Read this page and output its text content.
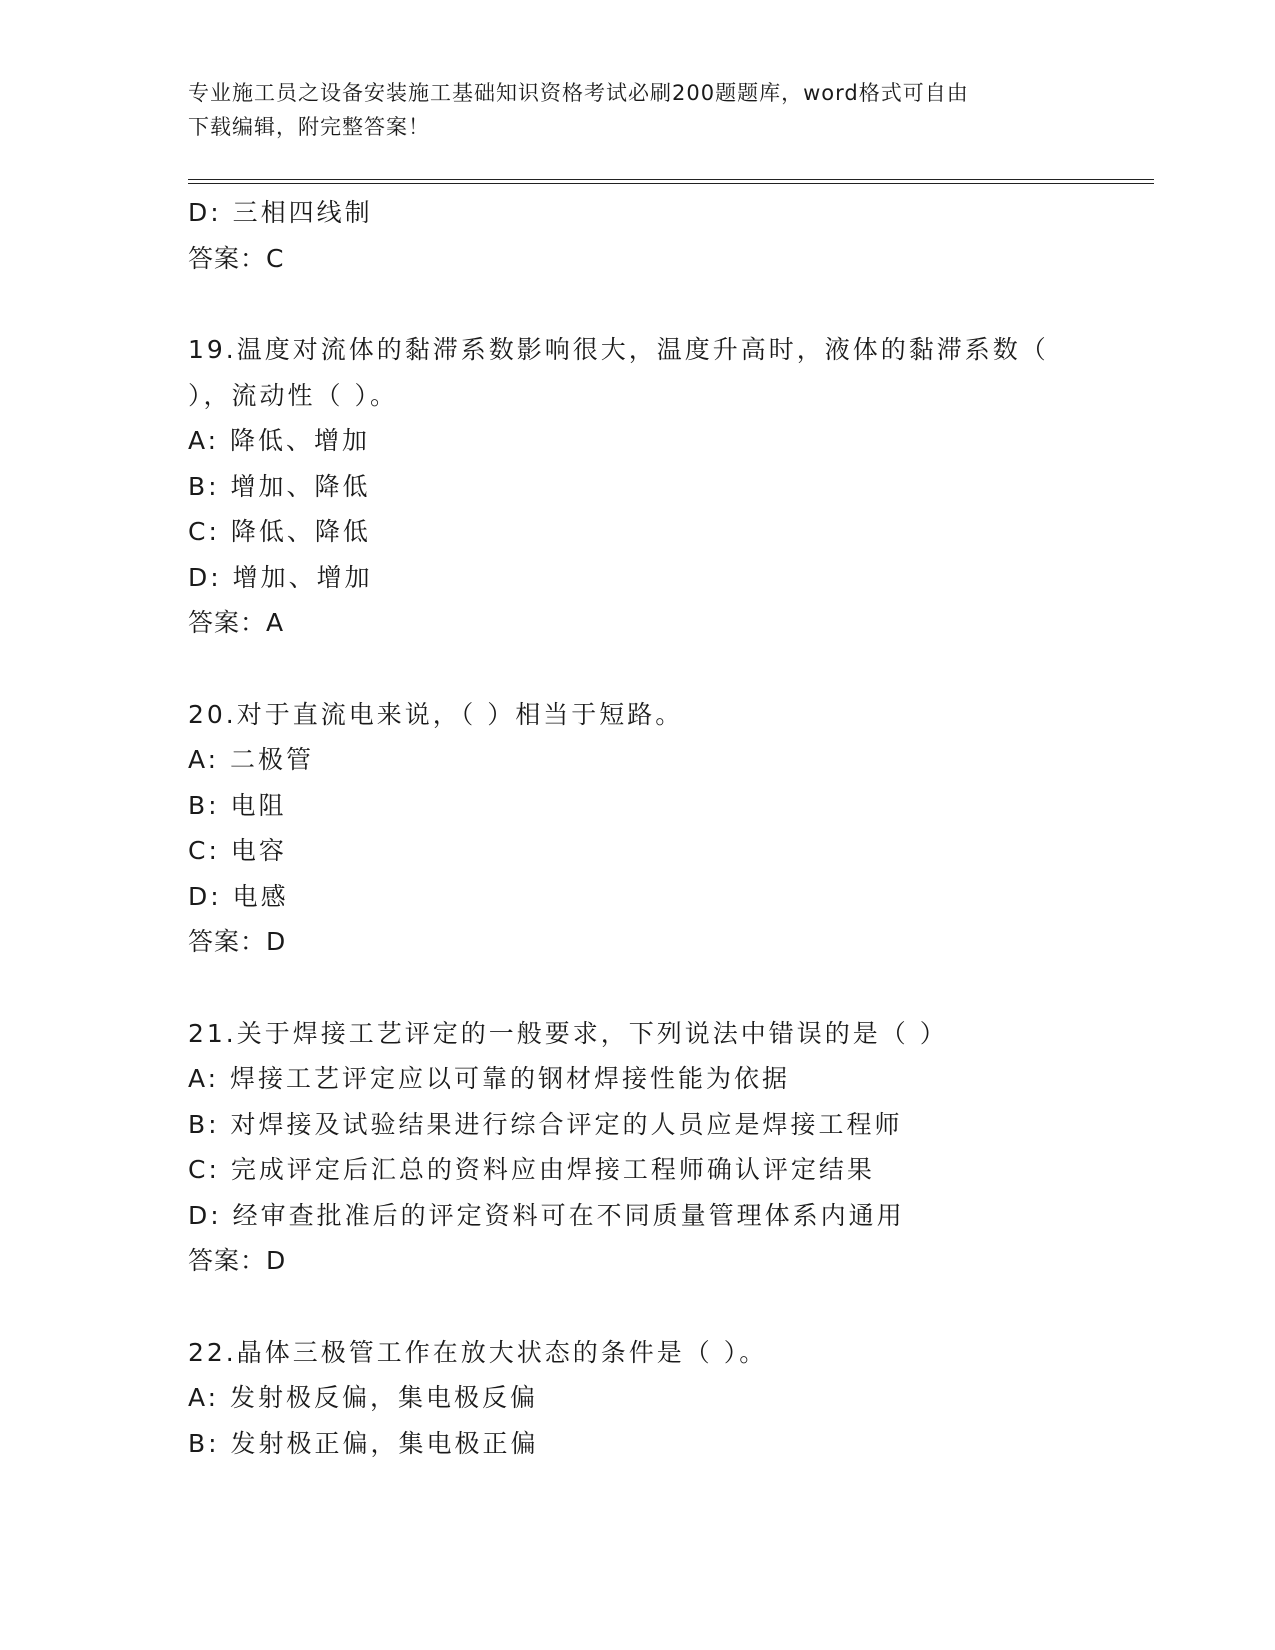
专业施工员之设备安装施工基础知识资格考试必刷200题题库，word格式可自由
下载编辑，附完整答案！
D: 三相四线制
答案：C
19.温度对流体的黏滞系数影响很大，温度升高时，液体的黏滞系数（
），流动性（ ）。
A: 降低、增加
B: 增加、降低
C: 降低、降低
D: 增加、增加
答案：A
20.对于直流电来说，（ ）相当于短路。
A: 二极管
B: 电阻
C: 电容
D: 电感
答案：D
21.关于焊接工艺评定的一般要求，下列说法中错误的是（ ）
A: 焊接工艺评定应以可靠的钢材焊接性能为依据
B: 对焊接及试验结果进行综合评定的人员应是焊接工程师
C: 完成评定后汇总的资料应由焊接工程师确认评定结果
D: 经审查批准后的评定资料可在不同质量管理体系内通用
答案：D
22.晶体三极管工作在放大状态的条件是（ ）。
A: 发射极反偏，集电极反偏
B: 发射极正偏，集电极正偏
